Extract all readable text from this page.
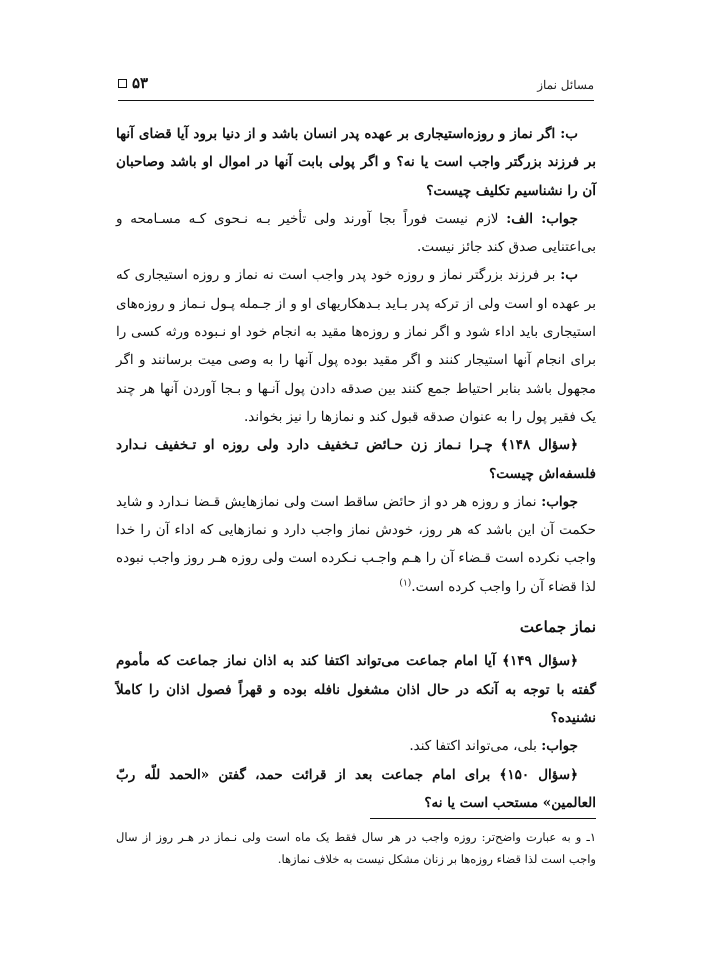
مسائل نماز
۵۳

ب: اگر نماز و روزه‌استیجاری بر عهده پدر انسان باشد و از دنیا برود آیا قضای آنها بر فرزند بزرگتر واجب است یا نه؟ و اگر پولی بابت آنها در اموال او باشد وصاحبان آن را نشناسیم تکلیف چیست؟

جواب: الف: لازم نیست فوراً بجا آورند ولی تأخیر بـه نـحوی کـه مسـامحه و بی‌اعتنایی صدق کند جائز نیست.

ب: بر فرزند بزرگتر نماز و روزه خود پدر واجب است نه نماز و روزه استیجاری که بر عهده او است ولی از ترکه پدر بـاید بـدهکاریهای او و از جـمله پـول نـماز و روزه‌های استیجاری باید اداء شود و اگر نماز و روزه‌ها مقید به انجام خود او نـبوده ورثه کسی را برای انجام آنها استیجار کنند و اگر مقید بوده پول آنها را به وصی میت برسانند و اگر مجهول باشد بنابر احتیاط جمع کنند بین صدقه دادن پول آنـها و بـجا آوردن آنها هر چند یک فقیر پول را به عنوان صدقه قبول کند و نمازها را نیز بخواند.

﴿سؤال ۱۴۸﴾ چـرا نـماز زن حـائض تـخفیف دارد ولی روزه او تـخفیف نـدارد فلسفه‌اش چیست؟

جواب: نماز و روزه هر دو از حائض ساقط است ولی نمازهایش قـضا نـدارد و شاید حکمت آن این باشد که هر روز، خودش نماز واجب دارد و نمازهایی که اداء آن را خدا واجب نکرده است قـضاء آن را هـم واجـب نـکرده است ولی روزه هـر روز واجب نبوده لذا قضاء آن را واجب کرده است.$^{(۱)}$

نماز جماعت

﴿سؤال ۱۴۹﴾ آیا امام جماعت می‌تواند اکتفا کند به اذان نماز جماعت که مأموم گفته با توجه به آنکه در حال اذان مشغول نافله بوده و قهراً فصول اذان را کاملاً نشنیده؟

جواب: بلی، می‌تواند اکتفا کند.

﴿سؤال ۱۵۰﴾ برای امام جماعت بعد از قرائت حمد، گفتن «الحمد للّه ربّ العالمین» مستحب است یا نه؟

۱ـ و به عبارت واضح‌تر: روزه واجب در هر سال فقط یک ماه است ولی نـماز در هـر روز از سال واجب است لذا قضاء روزه‌ها بر زنان مشکل نیست به خلاف نمازها.
